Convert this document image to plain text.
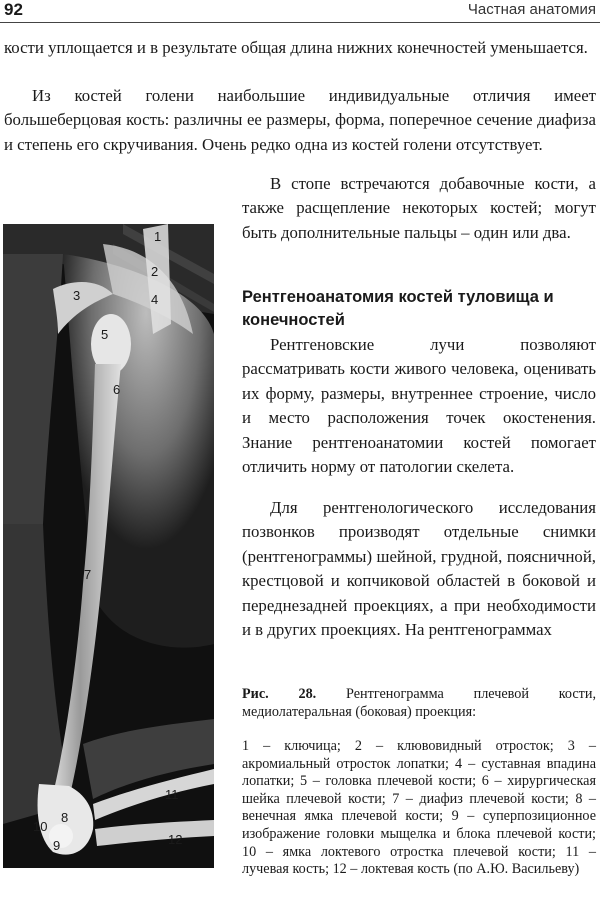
92	Частная анатомия

кости уплощается и в результате общая длина нижних конечностей уменьшается.

Из костей голени наибольшие индивидуальные отличия имеет большеберцовая кость: различны ее размеры, форма, поперечное сечение диафиза и степень его скручивания. Очень редко одна из костей голени отсутствует.

В стопе встречаются добавочные кости, а также расщепление некоторых костей; могут быть дополнительные пальцы – один или два.

1
2
3	4
5
6
7
8
9
10
11
12
Рентгеноанатомия костей туловища и конечностей

Рентгеновские лучи позволяют рассматривать кости живого человека, оценивать их форму, размеры, внутреннее строение, число и место расположения точек окостенения. Знание рентгеноанатомии костей помогает отличить норму от патологии скелета.

Для рентгенологического исследования позвонков производят отдельные снимки (рентгенограммы) шейной, грудной, поясничной, крестцовой и копчиковой областей в боковой и переднезадней проекциях, а при необходимости и в других проекциях. На рентгенограммах

Рис. 28. Рентгенограмма плечевой кости, медиолатеральная (боковая) проекция:

1 – ключица; 2 – клювовидный отросток; 3 – акромиальный отросток лопатки; 4 – суставная впадина лопатки; 5 – головка плечевой кости; 6 – хирургическая шейка плечевой кости; 7 – диафиз плечевой кости; 8 – венечная ямка плечевой кости; 9 – суперпозиционное изображение головки мыщелка и блока плечевой кости; 10 – ямка локтевого отростка плечевой кости; 11 – лучевая кость; 12 – локтевая кость (по А.Ю. Васильеву)
